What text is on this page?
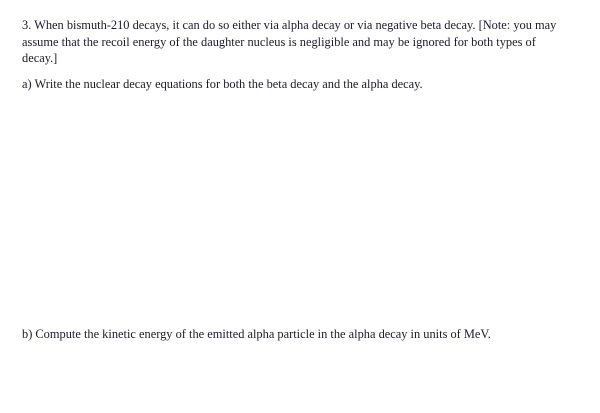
3. When bismuth-210 decays, it can do so either via alpha decay or via negative beta decay. [Note: you may assume that the recoil energy of the daughter nucleus is negligible and may be ignored for both types of decay.]

a) Write the nuclear decay equations for both the beta decay and the alpha decay.

b) Compute the kinetic energy of the emitted alpha particle in the alpha decay in units of MeV.
